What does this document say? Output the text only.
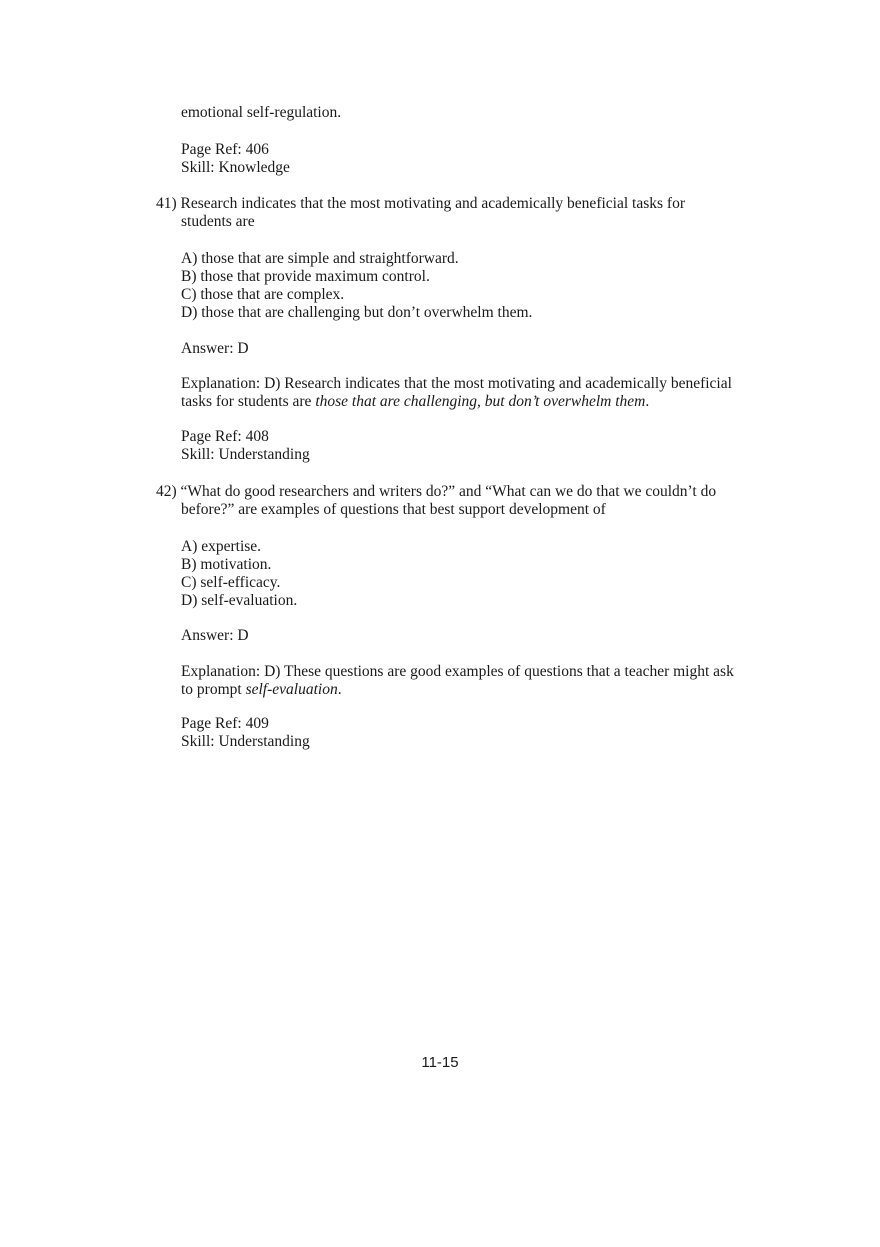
emotional self-regulation.
Page Ref: 406
Skill: Knowledge
41) Research indicates that the most motivating and academically beneficial tasks for
students are
A) those that are simple and straightforward.
B) those that provide maximum control.
C) those that are complex.
D) those that are challenging but don’t overwhelm them.
Answer: D
Explanation: D) Research indicates that the most motivating and academically beneficial
tasks for students are those that are challenging, but don’t overwhelm them.
Page Ref: 408
Skill: Understanding
42) “What do good researchers and writers do?” and “What can we do that we couldn’t do
before?” are examples of questions that best support development of
A) expertise.
B) motivation.
C) self-efficacy.
D) self-evaluation.
Answer: D
Explanation: D) These questions are good examples of questions that a teacher might ask
to prompt self-evaluation.
Page Ref: 409
Skill: Understanding
11-15
